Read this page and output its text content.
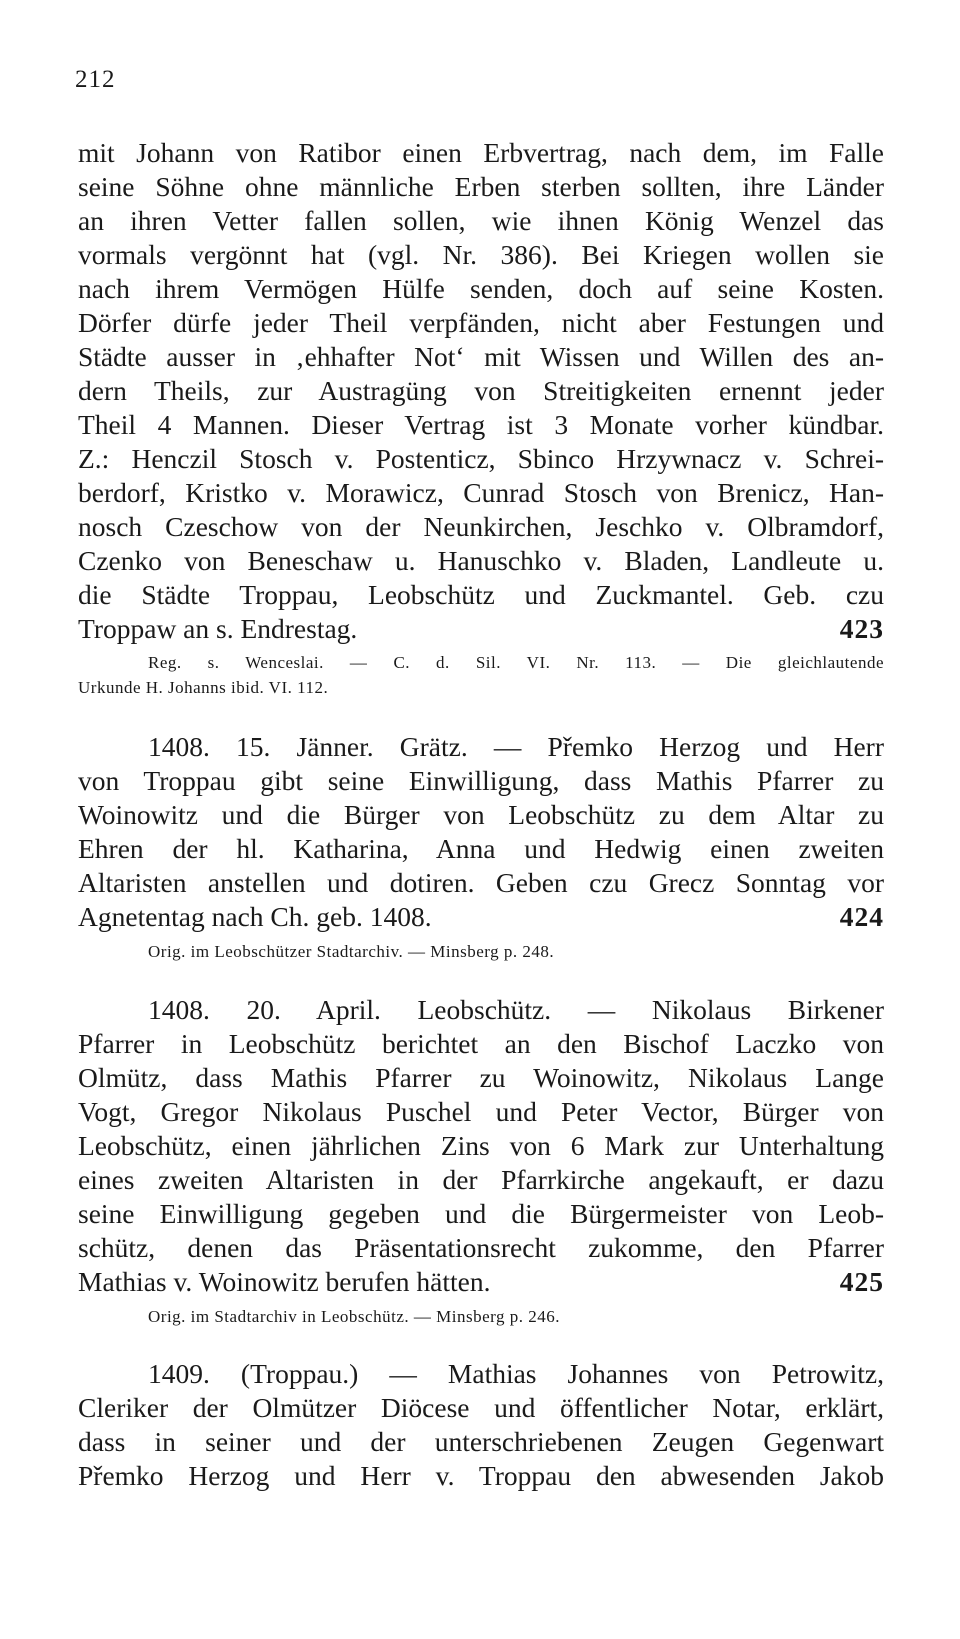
212
mit Johann von Ratibor einen Erbvertrag, nach dem, im Falle
seine Söhne ohne männliche Erben sterben sollten, ihre Länder
an ihren Vetter fallen sollen, wie ihnen König Wenzel das
vormals vergönnt hat (vgl. Nr. 386). Bei Kriegen wollen sie
nach ihrem Vermögen Hülfe senden, doch auf seine Kosten.
Dörfer dürfe jeder Theil verpfänden, nicht aber Festungen und
Städte ausser in ‚ehhafter Not‘ mit Wissen und Willen des an-
dern Theils, zur Austragüng von Streitigkeiten ernennt jeder
Theil 4 Mannen. Dieser Vertrag ist 3 Monate vorher kündbar.
Z.: Henczil Stosch v. Postenticz, Sbinco Hrzywnacz v. Schrei-
berdorf, Kristko v. Morawicz, Cunrad Stosch von Brenicz, Han-
nosch Czeschow von der Neunkirchen, Jeschko v. Olbramdorf,
Czenko von Beneschaw u. Hanuschko v. Bladen, Landleute u.
die Städte Troppau, Leobschütz und Zuckmantel. Geb. czu
Troppaw an s. Endrestag.	423
Reg. s. Wenceslai. — C. d. Sil. VI. Nr. 113. — Die gleichlautende
Urkunde H. Johanns ibid. VI. 112.
1408. 15. Jänner. Grätz. — Přemko Herzog und Herr
von Troppau gibt seine Einwilligung, dass Mathis Pfarrer zu
Woinowitz und die Bürger von Leobschütz zu dem Altar zu
Ehren der hl. Katharina, Anna und Hedwig einen zweiten
Altaristen anstellen und dotiren. Geben czu Grecz Sonntag vor
Agnetentag nach Ch. geb. 1408.	424
Orig. im Leobschützer Stadtarchiv. — Minsberg p. 248.
1408. 20. April. Leobschütz. — Nikolaus Birkener
Pfarrer in Leobschütz berichtet an den Bischof Laczko von
Olmütz, dass Mathis Pfarrer zu Woinowitz, Nikolaus Lange
Vogt, Gregor Nikolaus Puschel und Peter Vector, Bürger von
Leobschütz, einen jährlichen Zins von 6 Mark zur Unterhaltung
eines zweiten Altaristen in der Pfarrkirche angekauft, er dazu
seine Einwilligung gegeben und die Bürgermeister von Leob-
schütz, denen das Präsentationsrecht zukomme, den Pfarrer
Mathias v. Woinowitz berufen hätten.	425
Orig. im Stadtarchiv in Leobschütz. — Minsberg p. 246.
1409. (Troppau.) — Mathias Johannes von Petrowitz,
Cleriker der Olmützer Diöcese und öffentlicher Notar, erklärt,
dass in seiner und der unterschriebenen Zeugen Gegenwart
Přemko Herzog und Herr v. Troppau den abwesenden Jakob
